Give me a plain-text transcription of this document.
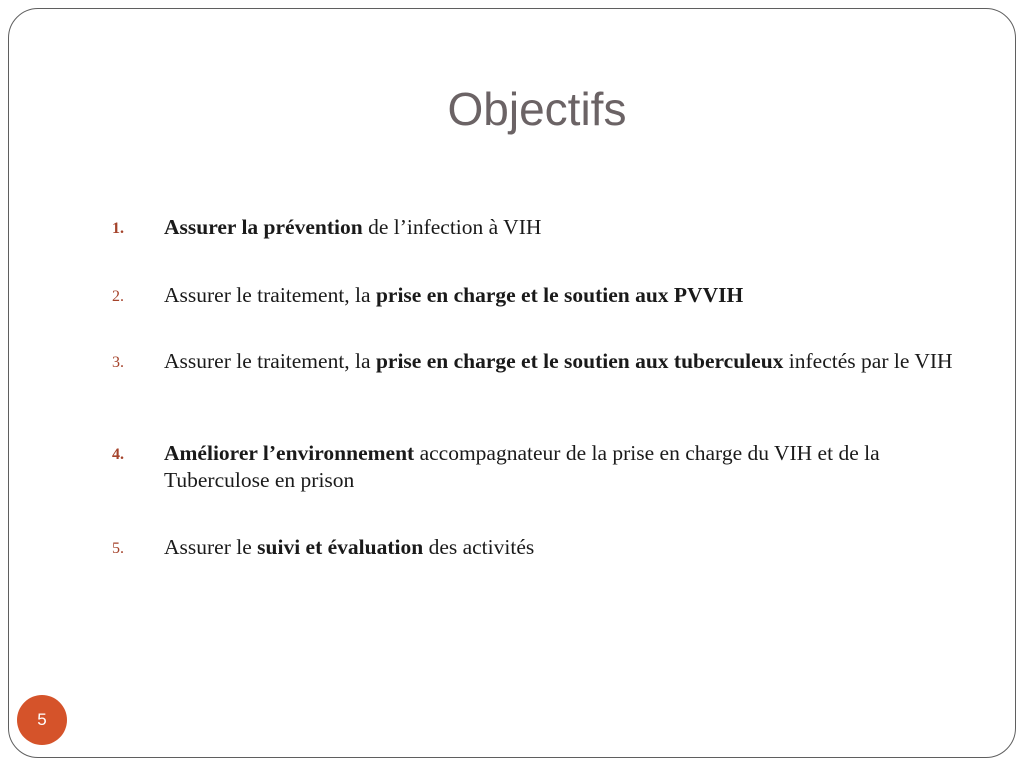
Objectifs
1.	Assurer la prévention de l’infection à VIH
2.	Assurer le traitement, la prise en charge et le soutien aux PVVIH
3.	Assurer le traitement, la prise en charge et le soutien aux tuberculeux infectés par le VIH
4.	Améliorer l’environnement accompagnateur de la prise en charge du VIH et de la Tuberculose en prison
5.	Assurer le suivi et évaluation des activités
5
